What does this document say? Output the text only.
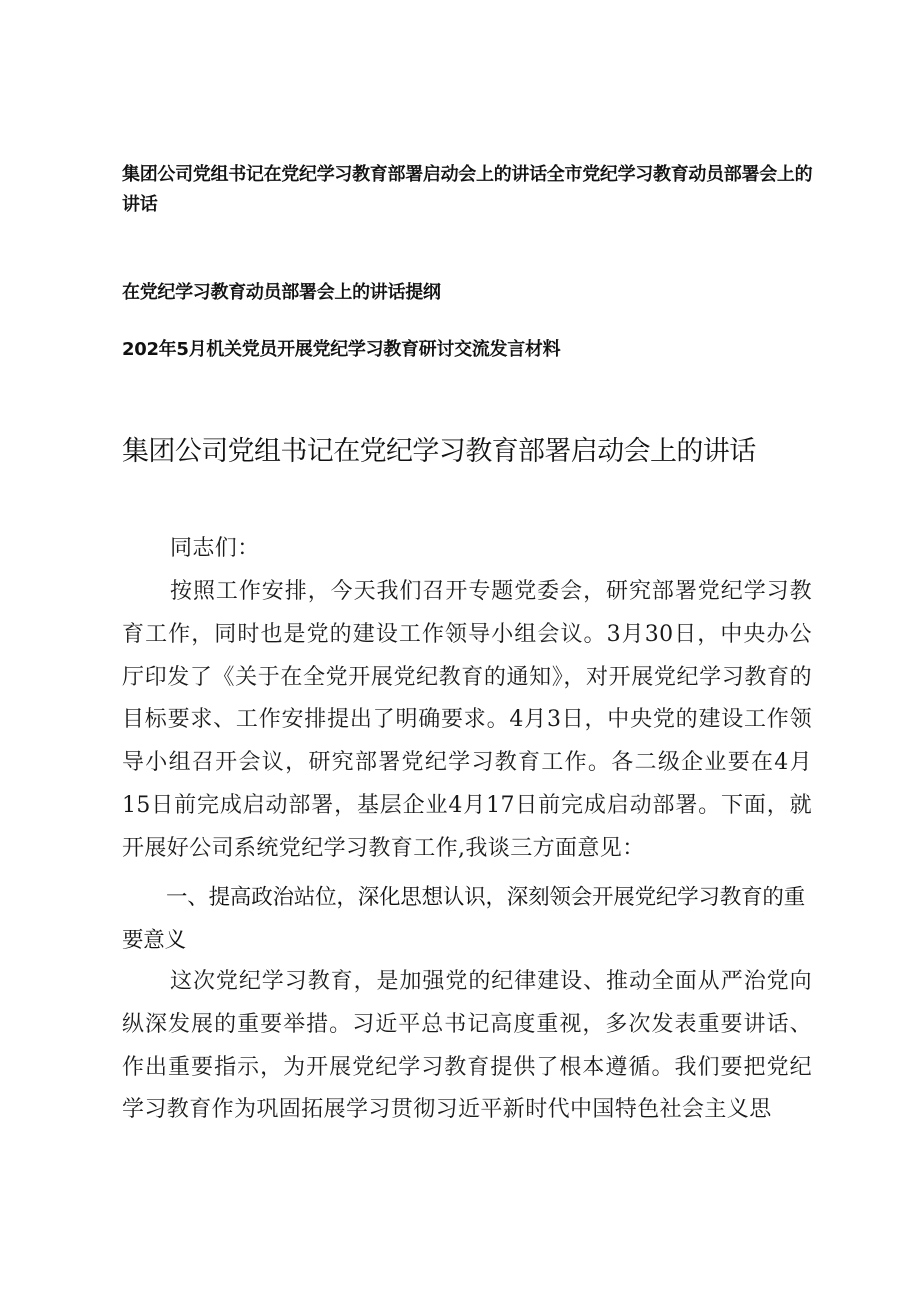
集团公司党组书记在党纪学习教育部署启动会上的讲话全市党纪学习教育动员部署会上的讲话
在党纪学习教育动员部署会上的讲话提纲
202年5月机关党员开展党纪学习教育研讨交流发言材料
集团公司党组书记在党纪学习教育部署启动会上的讲话
同志们：
按照工作安排，今天我们召开专题党委会，研究部署党纪学习教育工作，同时也是党的建设工作领导小组会议。3月30日，中央办公厅印发了《关于在全党开展党纪教育的通知》，对开展党纪学习教育的目标要求、工作安排提出了明确要求。4月3日，中央党的建设工作领导小组召开会议，研究部署党纪学习教育工作。各二级企业要在4月15日前完成启动部署，基层企业4月17日前完成启动部署。下面，就开展好公司系统党纪学习教育工作,我谈三方面意见：
一、提高政治站位，深化思想认识，深刻领会开展党纪学习教育的重要意义
这次党纪学习教育，是加强党的纪律建设、推动全面从严治党向纵深发展的重要举措。习近平总书记高度重视，多次发表重要讲话、作出重要指示，为开展党纪学习教育提供了根本遵循。我们要把党纪学习教育作为巩固拓展学习贯彻习近平新时代中国特色社会主义思
